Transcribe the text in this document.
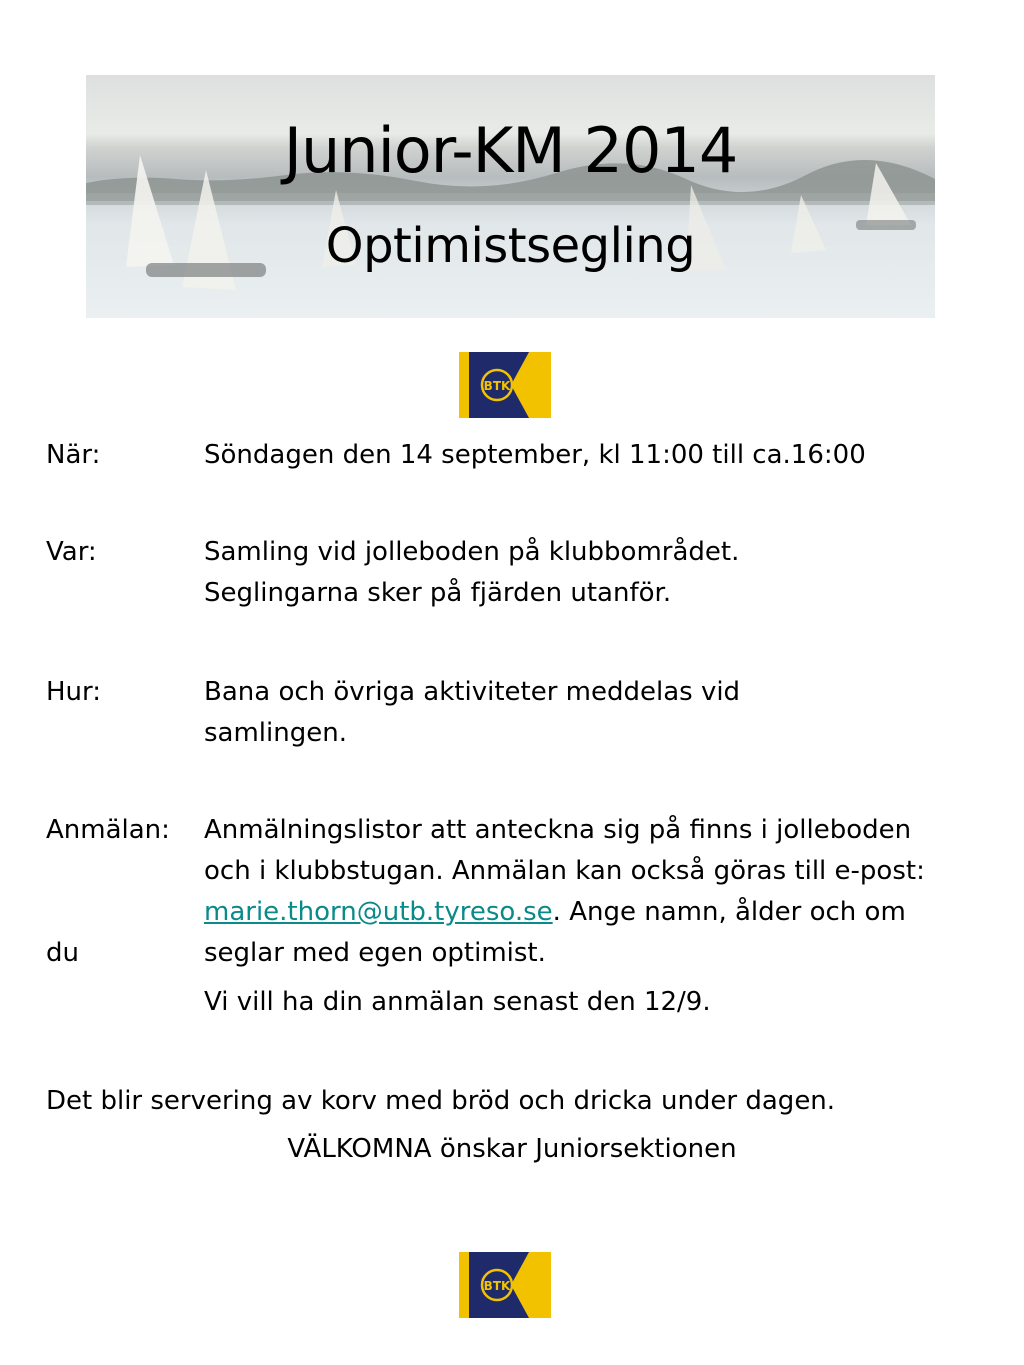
Junior-KM 2014
Optimistsegling
BTK
När:	Söndagen den 14 september, kl 11:00 till ca.16:00
Var:	Samling vid jolleboden på klubbområdet.
Seglingarna sker på fjärden utanför.
Hur:	Bana och övriga aktiviteter meddelas vid
samlingen.
Anmälan: Anmälningslistor att anteckna sig på finns i jolleboden
och i klubbstugan. Anmälan kan också göras till e-post:
marie.thorn@utb.tyreso.se. Ange namn, ålder och om
du	seglar med egen optimist.
Vi vill ha din anmälan senast den 12/9.
Det blir servering av korv med bröd och dricka under dagen.
VÄLKOMNA önskar Juniorsektionen
BTK
